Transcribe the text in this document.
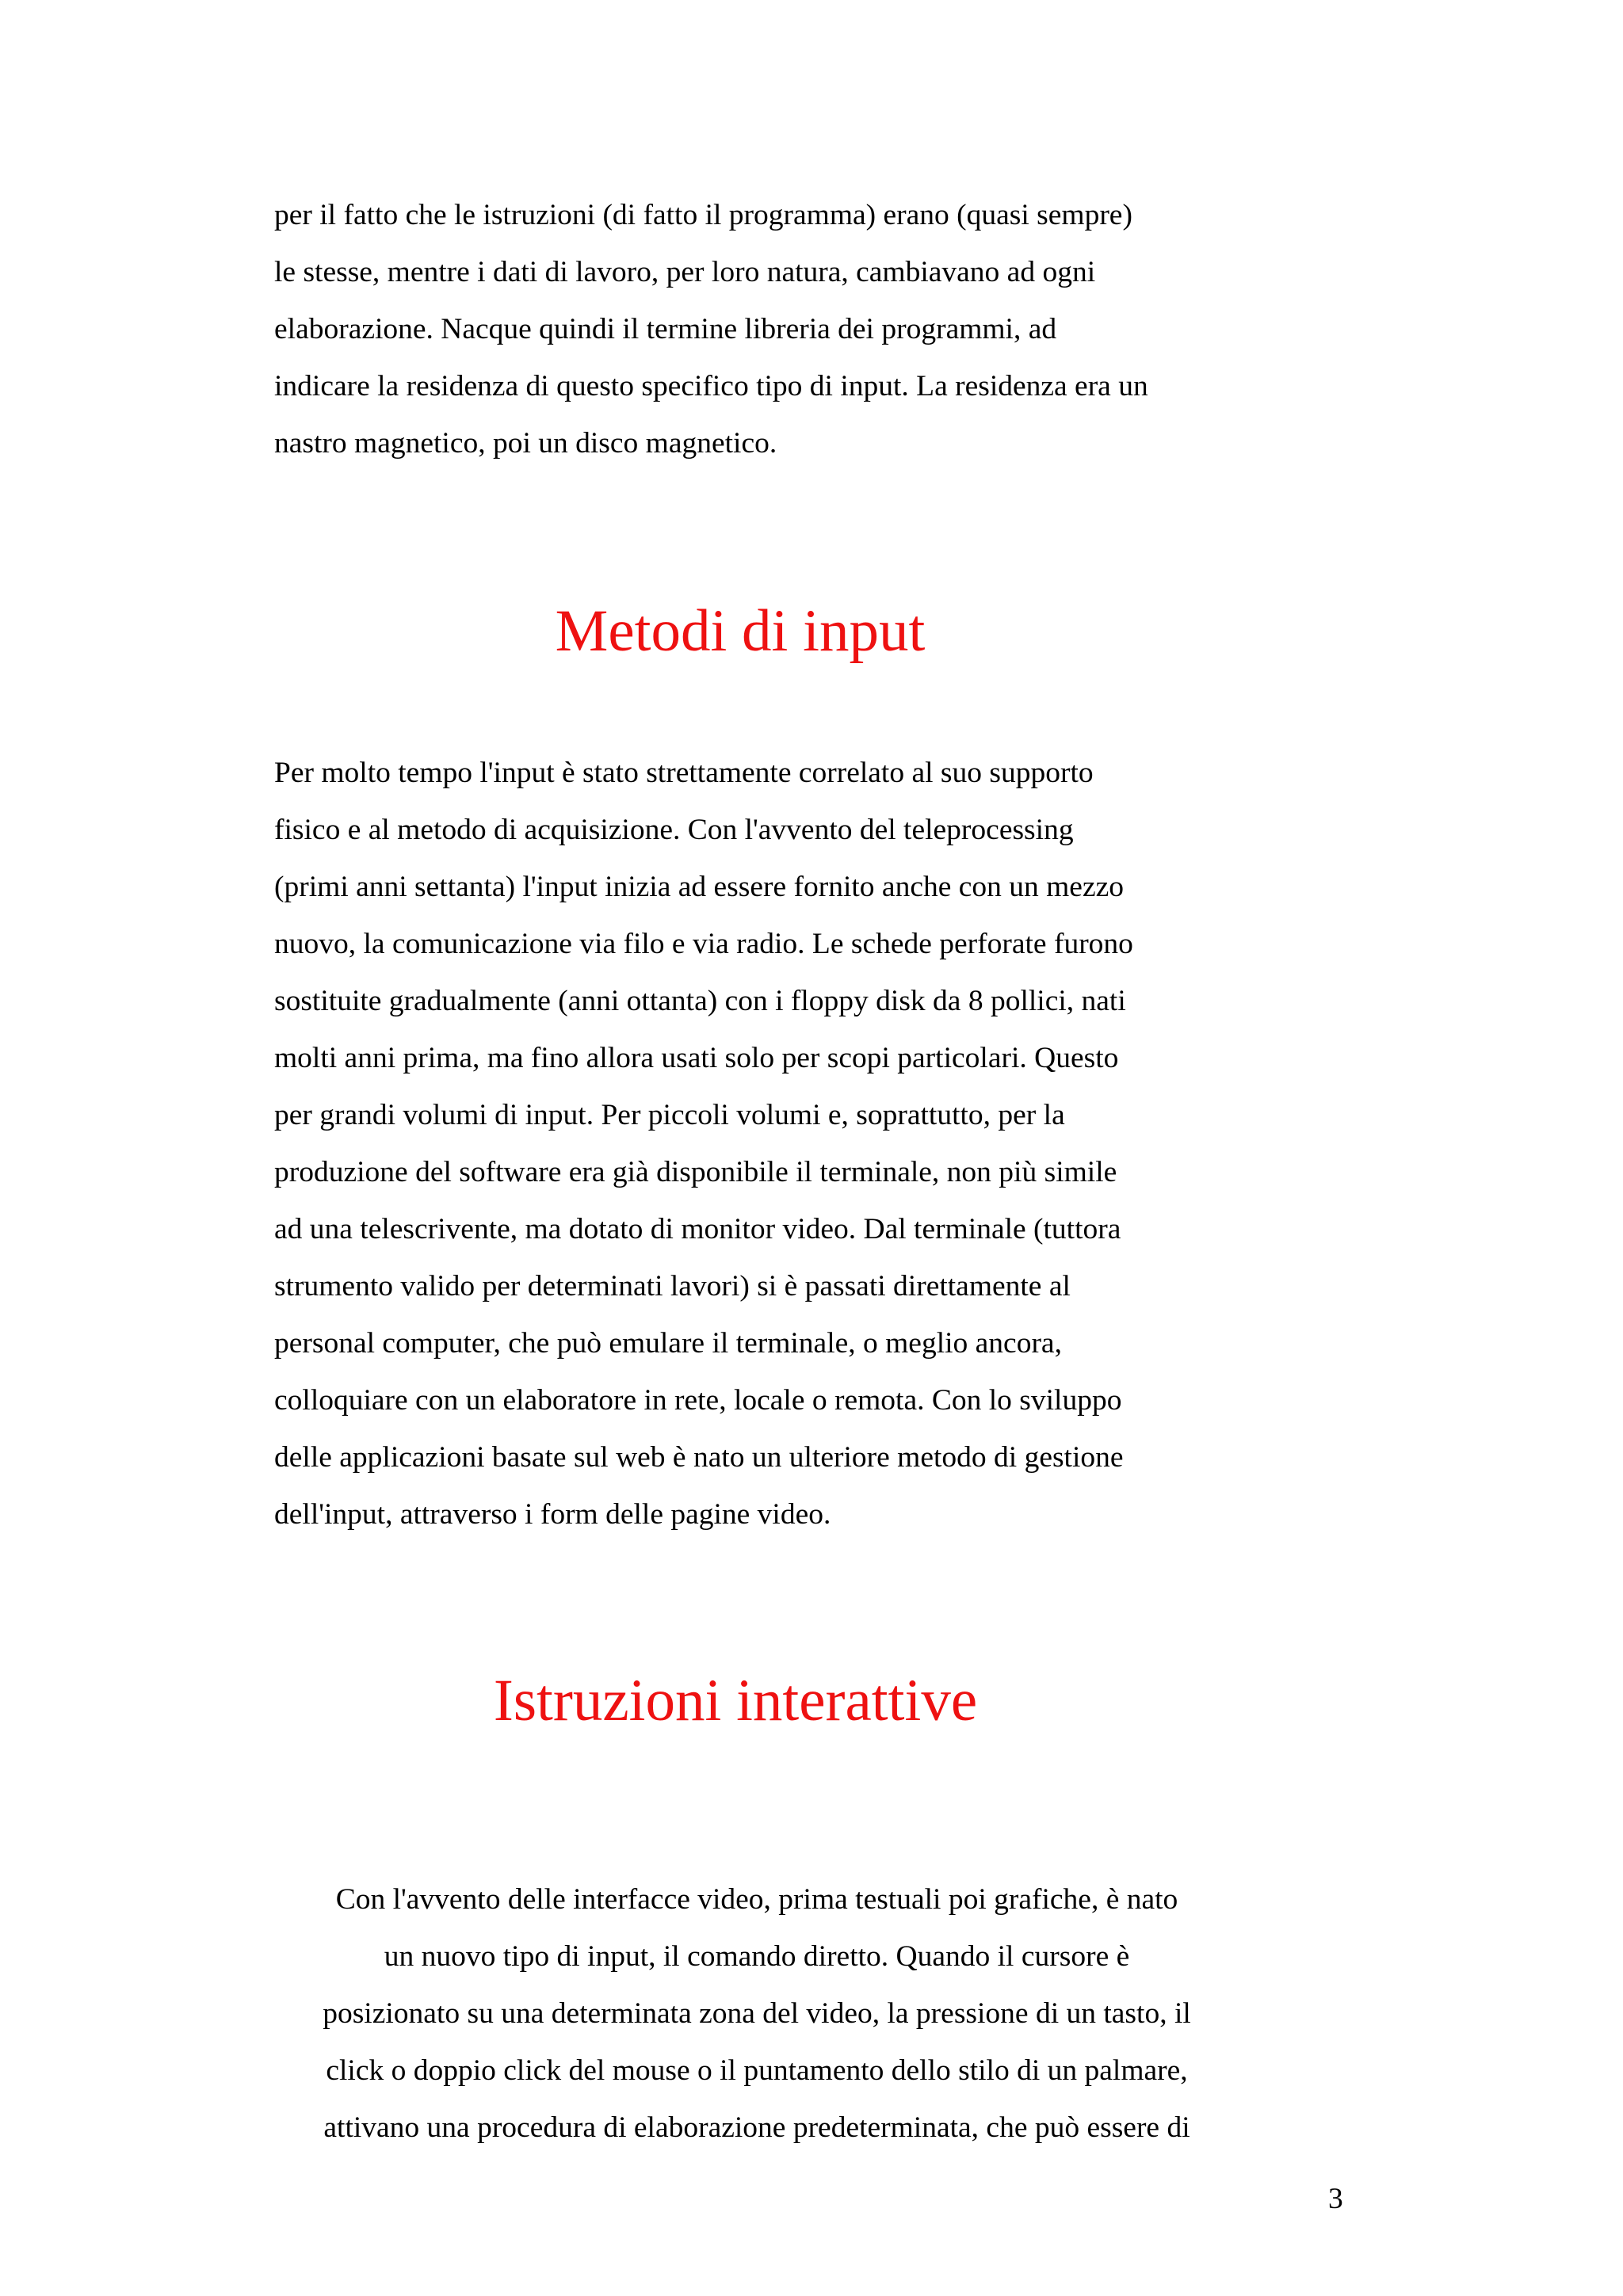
per il fatto che le istruzioni (di fatto il programma) erano (quasi sempre)
le stesse, mentre i dati di lavoro, per loro natura, cambiavano ad ogni
elaborazione. Nacque quindi il termine libreria dei programmi, ad
indicare la residenza di questo specifico tipo di input. La residenza era un
nastro magnetico, poi un disco magnetico.

Metodi di input

Per molto tempo l'input è stato strettamente correlato al suo supporto
fisico e al metodo di acquisizione. Con l'avvento del teleprocessing
(primi anni settanta) l'input inizia ad essere fornito anche con un mezzo
nuovo, la comunicazione via filo e via radio. Le schede perforate furono
sostituite gradualmente (anni ottanta) con i floppy disk da 8 pollici, nati
molti anni prima, ma fino allora usati solo per scopi particolari. Questo
per grandi volumi di input. Per piccoli volumi e, soprattutto, per la
produzione del software era già disponibile il terminale, non più simile
ad una telescrivente, ma dotato di monitor video. Dal terminale (tuttora
strumento valido per determinati lavori) si è passati direttamente al
personal computer, che può emulare il terminale, o meglio ancora,
colloquiare con un elaboratore in rete, locale o remota. Con lo sviluppo
delle applicazioni basate sul web è nato un ulteriore metodo di gestione
dell'input, attraverso i form delle pagine video.

Istruzioni interattive

Con l'avvento delle interfacce video, prima testuali poi grafiche, è nato
un nuovo tipo di input, il comando diretto. Quando il cursore è
posizionato su una determinata zona del video, la pressione di un tasto, il
click o doppio click del mouse o il puntamento dello stilo di un palmare,
attivano una procedura di elaborazione predeterminata, che può essere di

3
